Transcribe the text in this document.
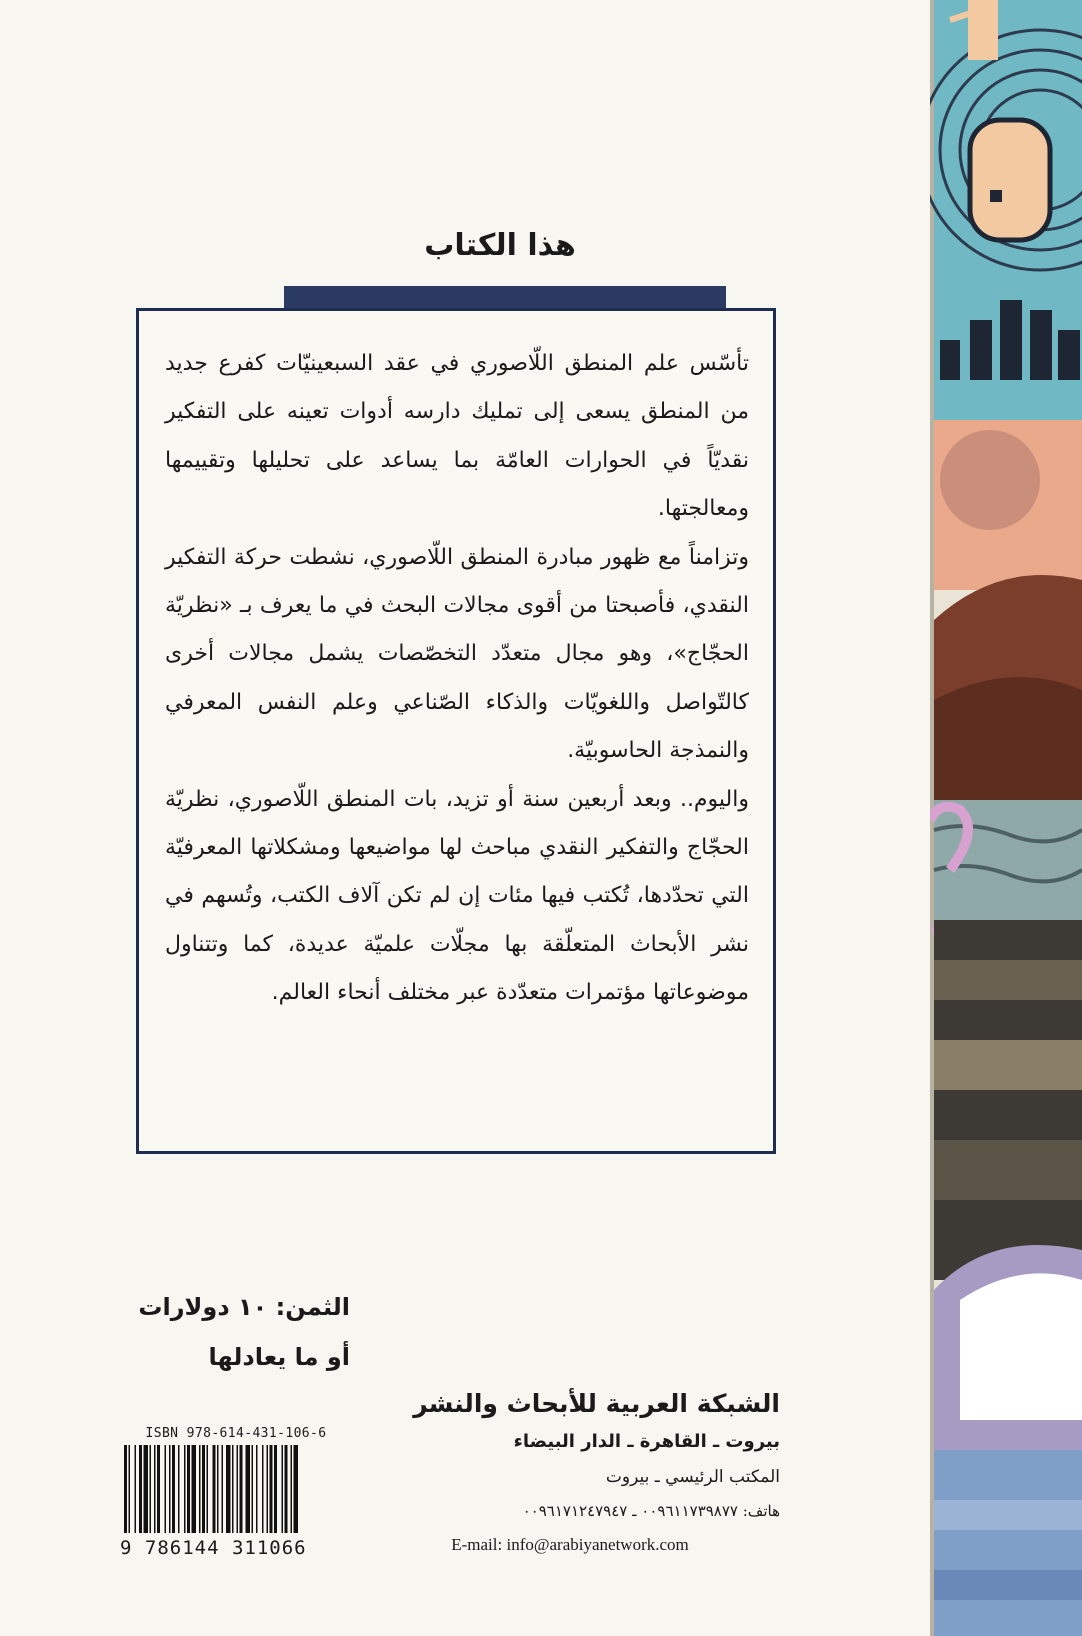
هذا الكتاب

تأسّس علم المنطق اللّاصوري في عقد السبعينيّات كفرع جديد من المنطق يسعى إلى تمليك دارسه أدوات تعينه على التفكير نقديّاً في الحوارات العامّة بما يساعد على تحليلها وتقييمها ومعالجتها.

وتزامناً مع ظهور مبادرة المنطق اللّاصوري، نشطت حركة التفكير النقدي، فأصبحتا من أقوى مجالات البحث في ما يعرف بـ «نظريّة الحجّاج»، وهو مجال متعدّد التخصّصات يشمل مجالات أخرى كالتّواصل واللغويّات والذكاء الصّناعي وعلم النفس المعرفي والنمذجة الحاسوبيّة.

واليوم.. وبعد أربعين سنة أو تزيد، بات المنطق اللّاصوري، نظريّة الحجّاج والتفكير النقدي مباحث لها مواضيعها ومشكلاتها المعرفيّة التي تحدّدها، تُكتب فيها مئات إن لم تكن آلاف الكتب، وتُسهم في نشر الأبحاث المتعلّقة بها مجلّات علميّة عديدة، كما وتتناول موضوعاتها مؤتمرات متعدّدة عبر مختلف أنحاء العالم.

الثمن: ١٠ دولارات
أو ما يعادلها
الشبكة العربية للأبحاث والنشر
بيروت ـ القاهرة ـ الدار البيضاء
المكتب الرئيسي ـ بيروت
هاتف: ٠٠٩٦١١٧٣٩٨٧٧ ـ ٠٠٩٦١٧١٢٤٧٩٤٧
E-mail: info@arabiyanetwork.com
ISBN 978-614-431-106-6
9 786144 311066
